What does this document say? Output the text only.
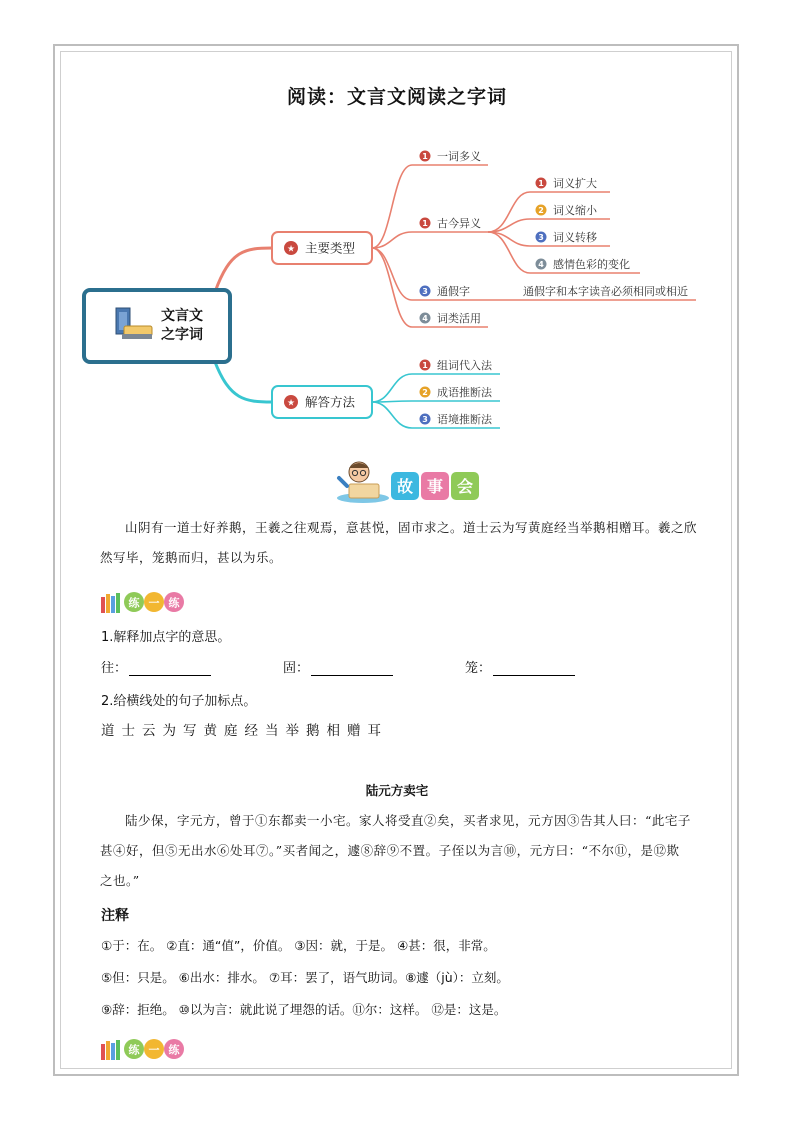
阅读：文言文阅读之字词
文言文
之字词
★ 主要类型
★ 解答方法
1 一词多义
1 古今异义
3 通假字	通假字和本字读音必须相同或相近
4 词类活用
1 词义扩大
2 词义缩小
3 词义转移
4 感情色彩的变化
1 组词代入法
2 成语推断法
3 语境推断法
故 事 会
山阴有一道士好养鹅，王羲之往观焉，意甚悦，固市求之。道士云为写黄庭经当举鹅相赠耳。羲之欣
然写毕，笼鹅而归，甚以为乐。
练 一 练
1.解释加点字的意思。
往：	固：	笼：
2.给横线处的句子加标点。
道士云为写黄庭经当举鹅相赠耳
陆元方卖宅
陆少保，字元方，曾于①东都卖一小宅。家人将受直②矣，买者求见，元方因③告其人曰：“此宅子
甚④好，但⑤无出水⑥处耳⑦。”买者闻之，遽⑧辞⑨不置。子侄以为言⑩，元方曰：“不尔⑪，是⑫欺
之也。”
注释
①于：在。 ②直：通“值”，价值。 ③因：就，于是。 ④甚：很，非常。
⑤但：只是。 ⑥出水：排水。 ⑦耳：罢了，语气助词。⑧遽（jù）：立刻。
⑨辞：拒绝。 ⑩以为言：就此说了埋怨的话。⑪尔：这样。 ⑫是：这是。
练 一 练
